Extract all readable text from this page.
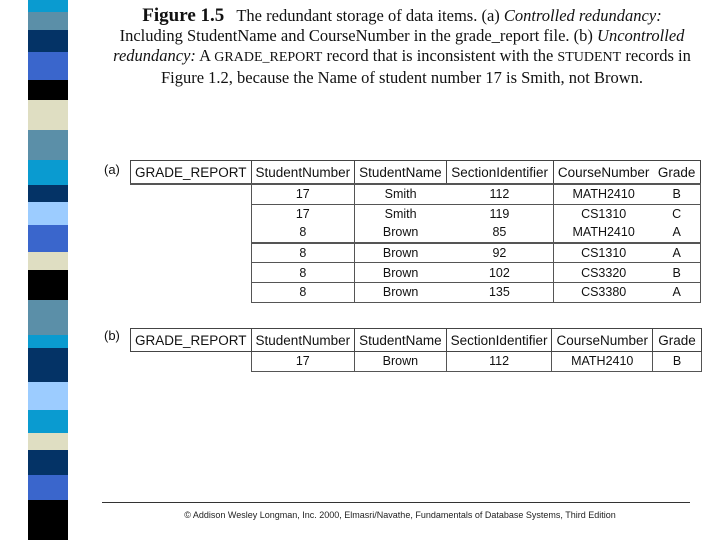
Figure 1.5 The redundant storage of data items. (a) Controlled redundancy: Including StudentName and CourseNumber in the grade_report file. (b) Uncontrolled redundancy: A GRADE_REPORT record that is inconsistent with the STUDENT records in Figure 1.2, because the Name of student number 17 is Smith, not Brown.
(a) GRADE_REPORT	StudentNumber	StudentName	SectionIdentifier	CourseNumber	Grade
	17	Smith	112	MATH2410	B
	17	Smith	119	CS1310	C
	8	Brown	85	MATH2410	A
	8	Brown	92	CS1310	A
	8	Brown	102	CS3320	B
	8	Brown	135	CS3380	A
(b) GRADE_REPORT	StudentNumber	StudentName	SectionIdentifier	CourseNumber	Grade
	17	Brown	112	MATH2410	B
© Addison Wesley Longman, Inc. 2000, Elmasri/Navathe, Fundamentals of Database Systems, Third Edition
